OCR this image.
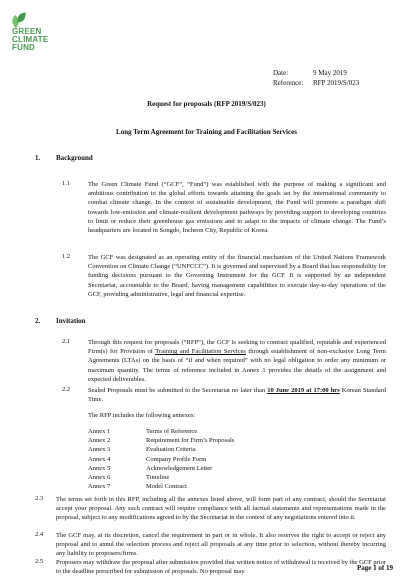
GREEN
CLIMATE
FUND
Date:	9 May 2019
Reference: RFP 2019/S/023
Request for proposals (RFP 2019/S/023)
Long Term Agreement for Training and Facilitation Services
1. Background
1.1	The Green Climate Fund (“GCF”, “Fund”) was established with the purpose of making a significant and ambitious contribution to the global efforts towards attaining the goals set by the international community to combat climate change. In the context of sustainable development, the Fund will promote a paradigm shift towards low-emission and climate-resilient development pathways by providing support to developing countries to limit or reduce their greenhouse gas emissions and to adapt to the impacts of climate change. The Fund’s headquarters are located in Songdo, Incheon City, Republic of Korea.
1.2	The GCF was designated as an operating entity of the financial mechanism of the United Nations Framework Convention on Climate Change (“UNFCCC”). It is governed and supervised by a Board that has responsibility for funding decisions pursuant to the Governing Instrument for the GCF. It is supported by an independent Secretariat, accountable to the Board, having management capabilities to execute day-to-day operations of the GCF, providing administrative, legal and financial expertise.
2. Invitation
2.1	Through this request for proposals (“RFP”), the GCF is seeking to contract qualified, reputable and experienced Firm(s) for Provision of Training and Facilitation Services through establishment of non-exclusive Long Term Agreements (LTAs) on the basis of “if and when required” with no legal obligation to order any minimum or maximum quantity. The terms of reference included in Annex 1 provides the details of the assignment and expected deliverables.
2.2	Sealed Proposals must be submitted to the Secretariat no later than 10 June 2019 at 17:00 hrs Korean Standard Time.
The RFP includes the following annexes:
Annex 1	Terms of Reference
Annex 2	Requirement for Firm’s Proposals
Annex 3	Evaluation Criteria
Annex 4	Company Profile Form
Annex 5	Acknowledgement Letter
Annex 6	Timeline
Annex 7	Model Contract
2.3 The terms set forth in this RFP, including all the annexes listed above, will form part of any contract, should the Secretariat accept your proposal. Any such contract will require compliance with all factual statements and representations made in the proposal, subject to any modifications agreed to by the Secretariat in the context of any negotiations entered into it.
2.4 The GCF may, at its discretion, cancel the requirement in part or in whole. It also reserves the right to accept or reject any proposal and to annul the selection process and reject all proposals at any time prior to selection, without thereby incurring any liability to proposers/firms.
2.5 Proposers may withdraw the proposal after submission provided that written notice of withdrawal is received by the GCF prior to the deadline prescribed for submission of proposals. No proposal may	Page 1 of 19
